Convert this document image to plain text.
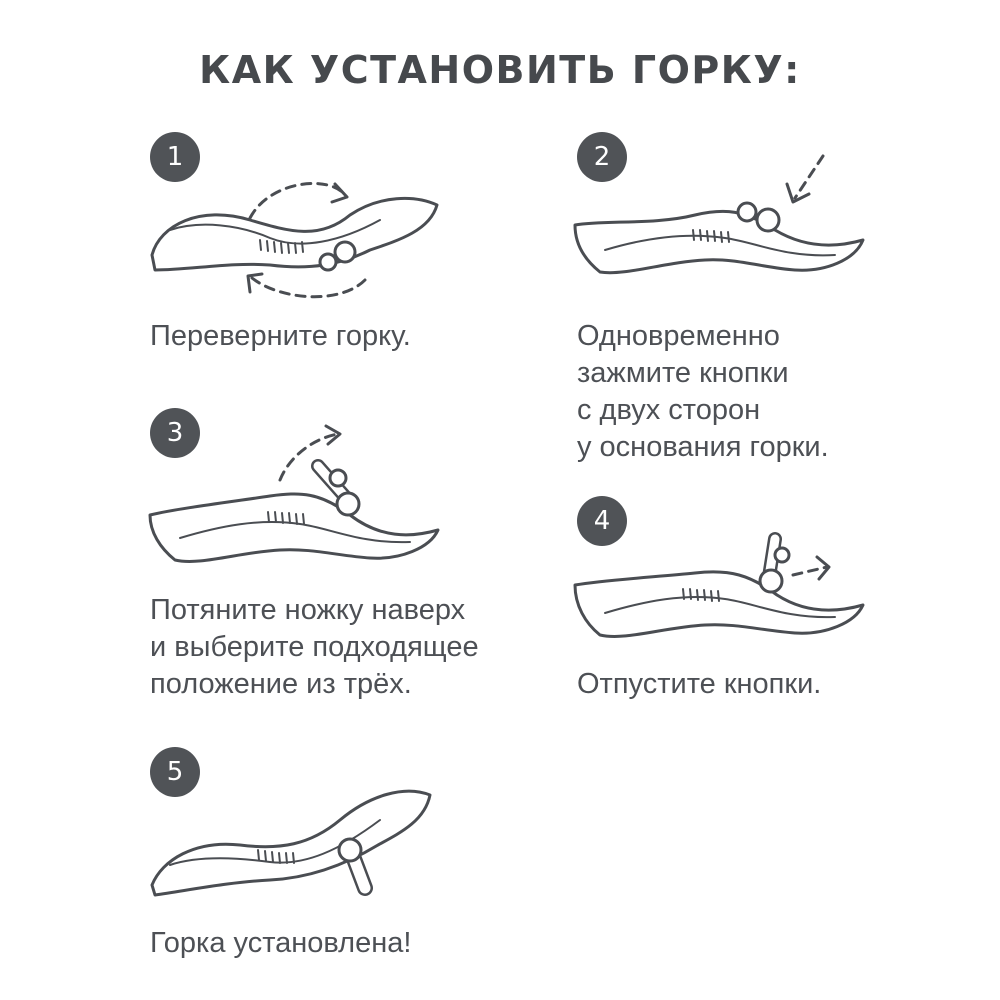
КАК УСТАНОВИТЬ ГОРКУ:
1
Переверните горку.
2
Одновременно
зажмите кнопки
с двух сторон
у основания горки.
3
Потяните ножку наверх
и выберите подходящее
положение из трёх.
4
Отпустите кнопки.
5
Горка установлена!
